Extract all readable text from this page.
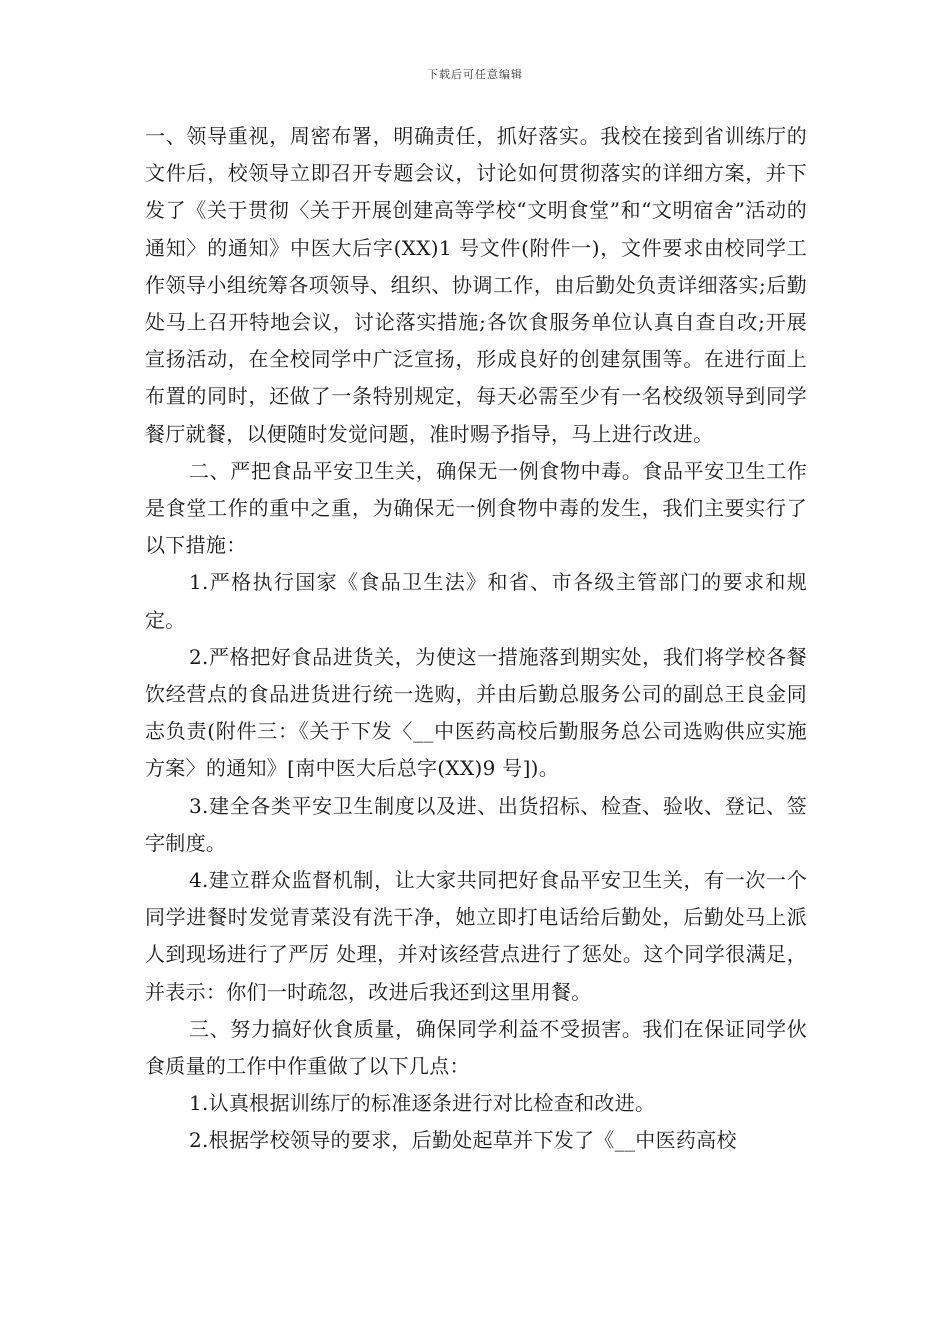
下载后可任意编辑

一、领导重视，周密布署，明确责任，抓好落实。我校在接到省训练厅的文件后，校领导立即召开专题会议，讨论如何贯彻落实的详细方案，并下发了《关于贯彻〈关于开展创建高等学校“文明食堂”和“文明宿舍”活动的通知〉的通知》中医大后字(XX)1 号文件(附件一)，文件要求由校同学工作领导小组统筹各项领导、组织、协调工作，由后勤处负责详细落实;后勤处马上召开特地会议，讨论落实措施;各饮食服务单位认真自查自改;开展宣扬活动，在全校同学中广泛宣扬，形成良好的创建氛围等。在进行面上布置的同时，还做了一条特别规定，每天必需至少有一名校级领导到同学餐厅就餐，以便随时发觉问题，准时赐予指导，马上进行改进。

二、严把食品平安卫生关，确保无一例食物中毒。食品平安卫生工作是食堂工作的重中之重，为确保无一例食物中毒的发生，我们主要实行了以下措施：

1.严格执行国家《食品卫生法》和省、市各级主管部门的要求和规定。

2.严格把好食品进货关，为使这一措施落到期实处，我们将学校各餐饮经营点的食品进货进行统一选购，并由后勤总服务公司的副总王良金同志负责(附件三：《关于下发〈__中医药高校后勤服务总公司选购供应实施方案〉的通知》[南中医大后总字(XX)9 号])。

3.建全各类平安卫生制度以及进、出货招标、检查、验收、登记、签字制度。

4.建立群众监督机制，让大家共同把好食品平安卫生关，有一次一个同学进餐时发觉青菜没有洗干净，她立即打电话给后勤处，后勤处马上派人到现场进行了严厉 处理，并对该经营点进行了惩处。这个同学很满足，并表示：你们一时疏忽，改进后我还到这里用餐。

三、努力搞好伙食质量，确保同学利益不受损害。我们在保证同学伙食质量的工作中作重做了以下几点：

1.认真根据训练厅的标准逐条进行对比检查和改进。

2.根据学校领导的要求，后勤处起草并下发了《__中医药高校
